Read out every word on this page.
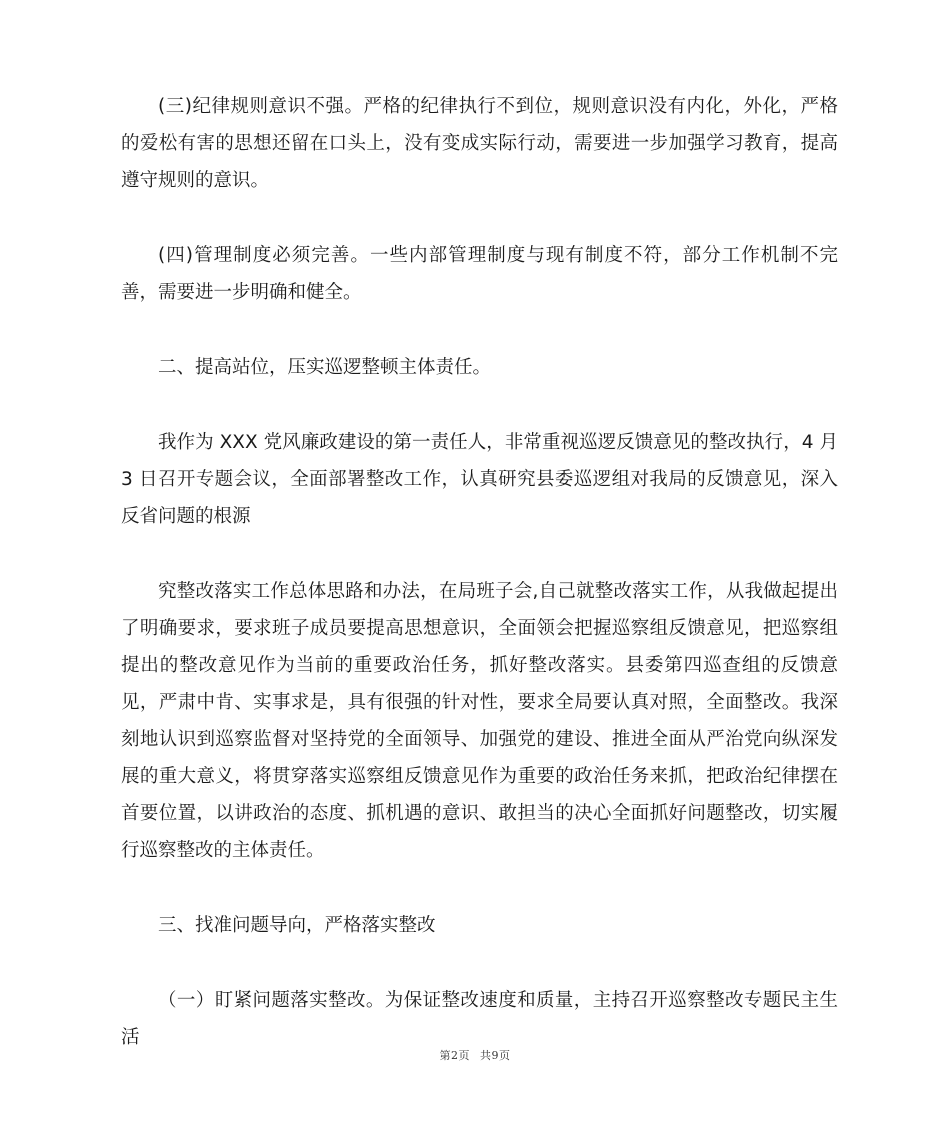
(三)纪律规则意识不强。严格的纪律执行不到位，规则意识没有内化，外化，严格的爱松有害的思想还留在口头上，没有变成实际行动，需要进一步加强学习教育，提高遵守规则的意识。

(四)管理制度必须完善。一些内部管理制度与现有制度不符，部分工作机制不完善，需要进一步明确和健全。

二、提高站位，压实巡逻整顿主体责任。

我作为 XXX 党风廉政建设的第一责任人，非常重视巡逻反馈意见的整改执行，4 月 3 日召开专题会议，全面部署整改工作，认真研究县委巡逻组对我局的反馈意见，深入反省问题的根源

究整改落实工作总体思路和办法，在局班子会,自己就整改落实工作，从我做起提出了明确要求，要求班子成员要提高思想意识，全面领会把握巡察组反馈意见，把巡察组提出的整改意见作为当前的重要政治任务，抓好整改落实。县委第四巡查组的反馈意见，严肃中肯、实事求是，具有很强的针对性，要求全局要认真对照，全面整改。我深刻地认识到巡察监督对坚持党的全面领导、加强党的建设、推进全面从严治党向纵深发展的重大意义，将贯穿落实巡察组反馈意见作为重要的政治任务来抓，把政治纪律摆在首要位置，以讲政治的态度、抓机遇的意识、敢担当的决心全面抓好问题整改，切实履行巡察整改的主体责任。

三、找准问题导向，严格落实整改

（一）盯紧问题落实整改。为保证整改速度和质量，主持召开巡察整改专题民主生活

第2页 共9页
